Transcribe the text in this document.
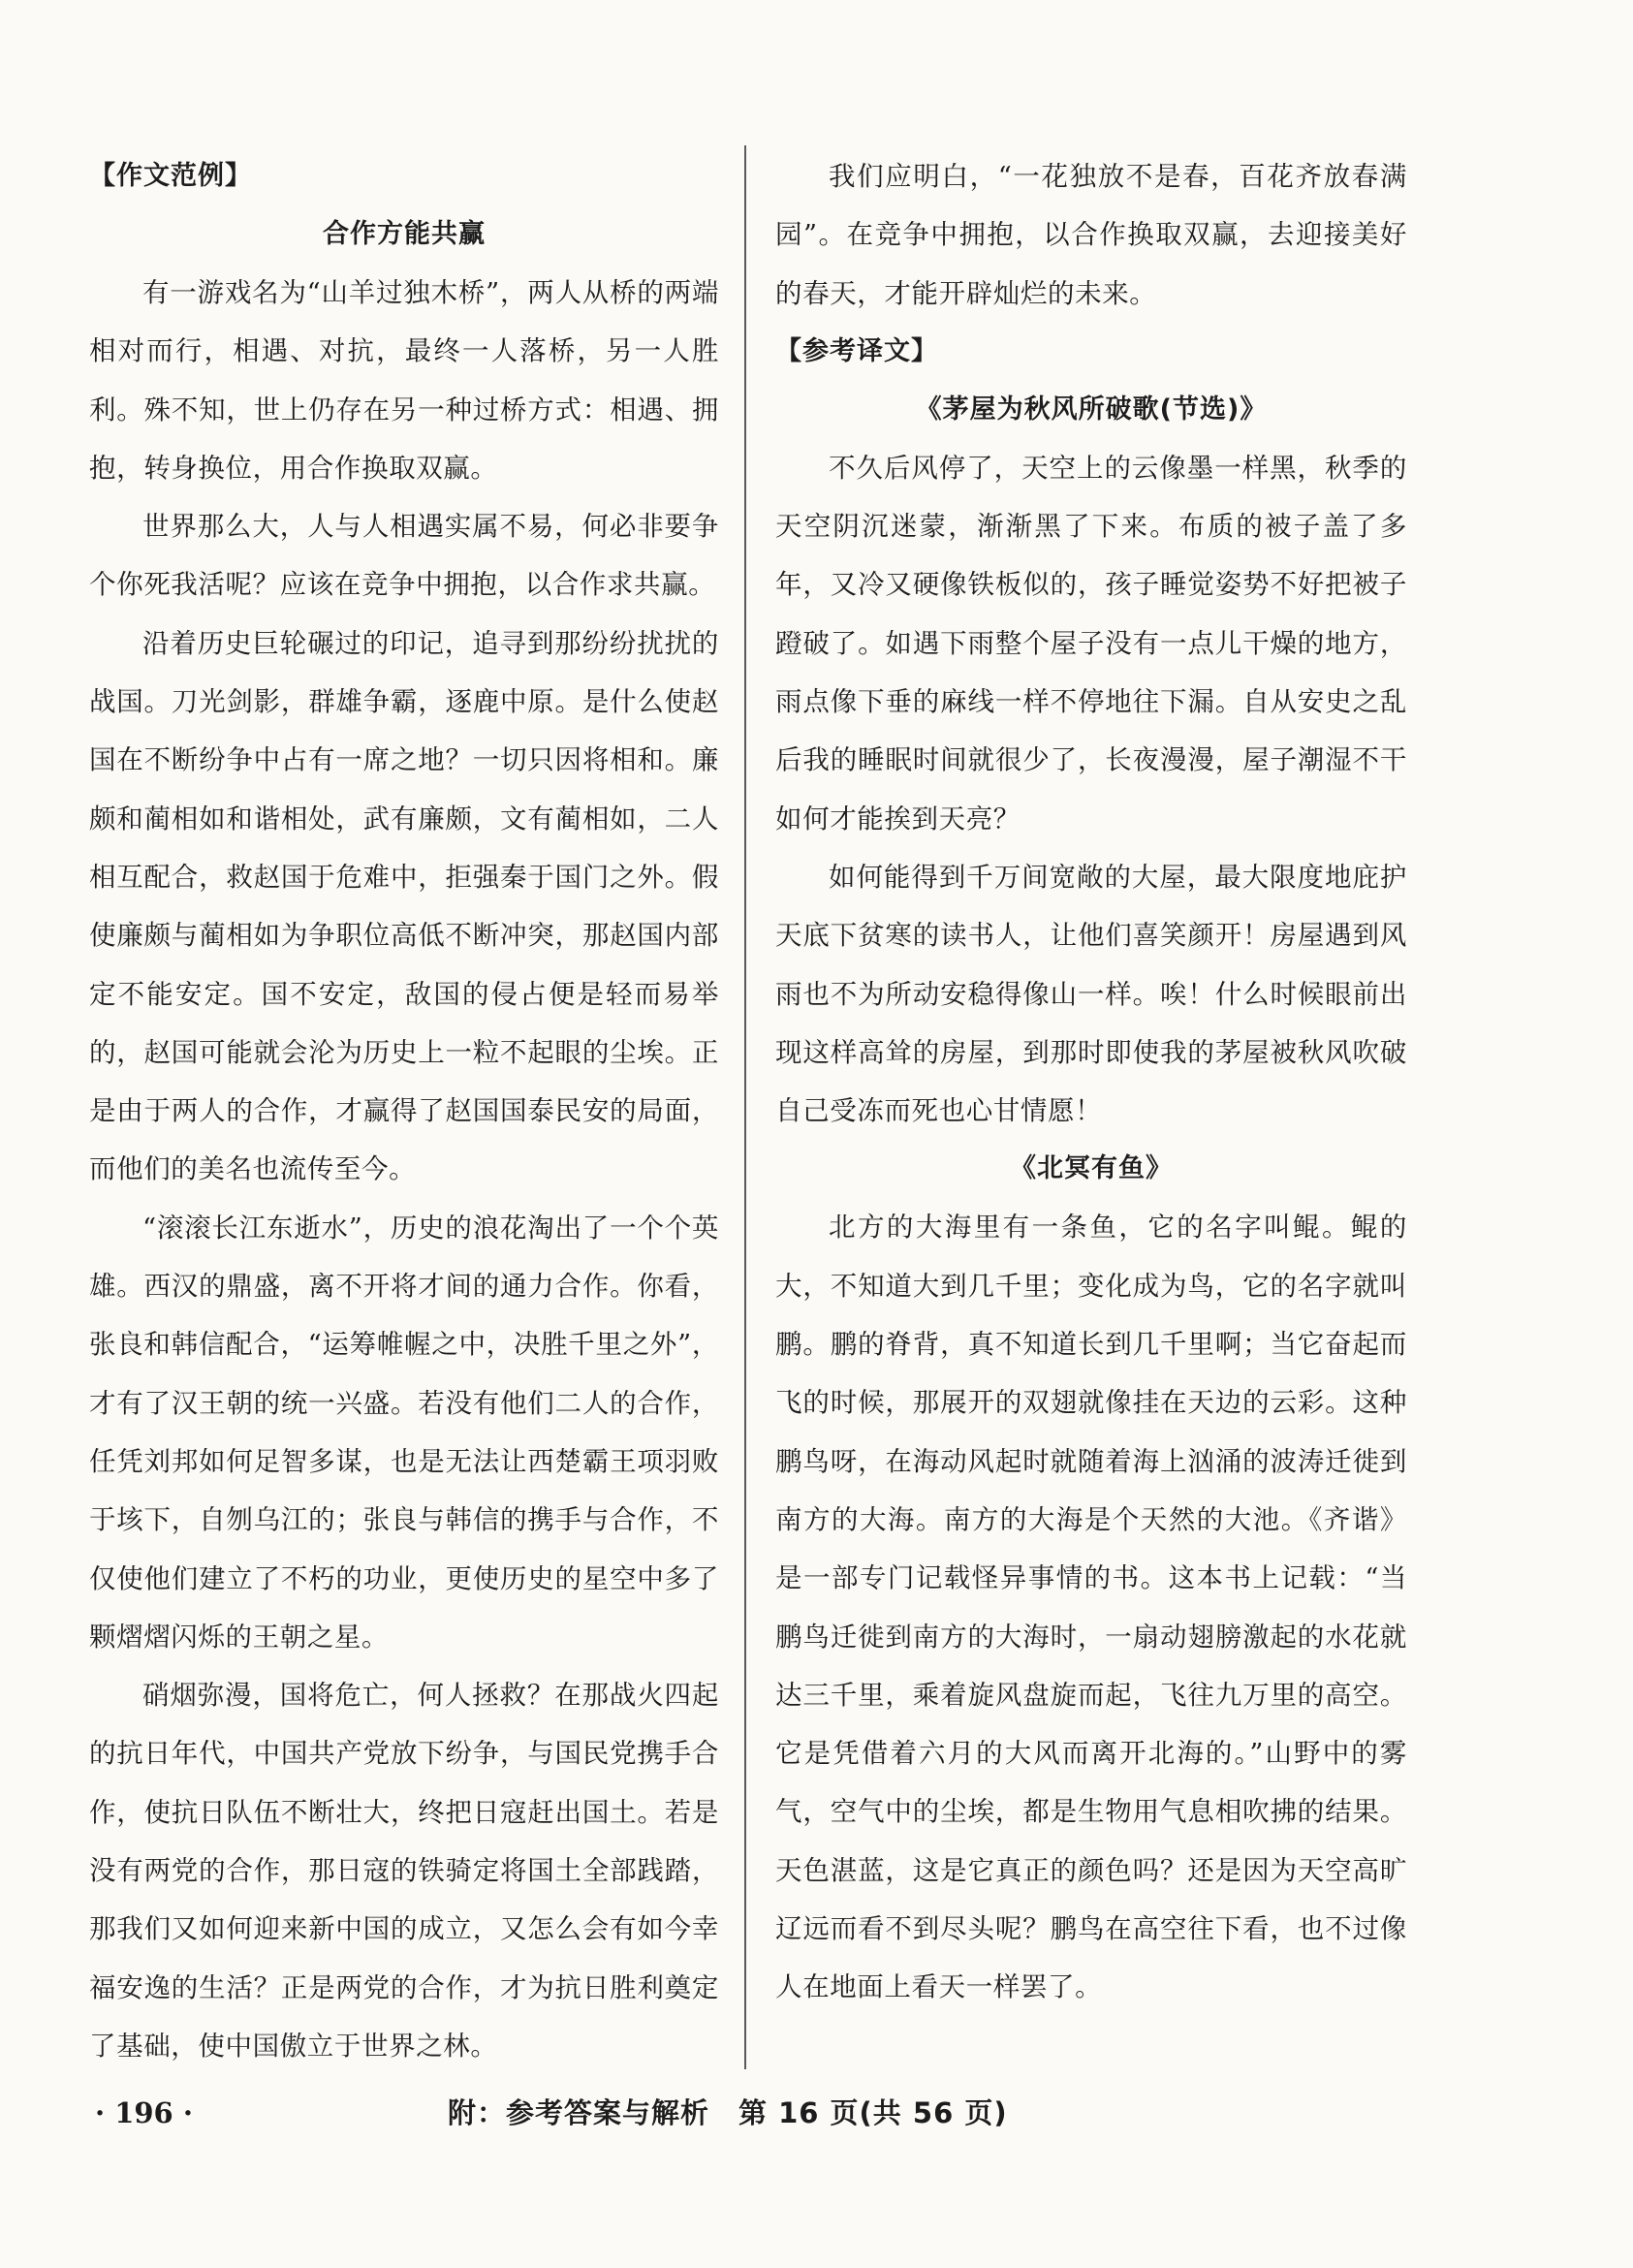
【作文范例】
合作方能共赢

有一游戏名为“山羊过独木桥”，两人从桥的两端相对而行，相遇、对抗，最终一人落桥，另一人胜利。殊不知，世上仍存在另一种过桥方式：相遇、拥抱，转身换位，用合作换取双赢。

世界那么大，人与人相遇实属不易，何必非要争个你死我活呢？应该在竞争中拥抱，以合作求共赢。

沿着历史巨轮碾过的印记，追寻到那纷纷扰扰的战国。刀光剑影，群雄争霸，逐鹿中原。是什么使赵国在不断纷争中占有一席之地？一切只因将相和。廉颇和蔺相如和谐相处，武有廉颇，文有蔺相如，二人相互配合，救赵国于危难中，拒强秦于国门之外。假使廉颇与蔺相如为争职位高低不断冲突，那赵国内部定不能安定。国不安定，敌国的侵占便是轻而易举的，赵国可能就会沦为历史上一粒不起眼的尘埃。正是由于两人的合作，才赢得了赵国国泰民安的局面，而他们的美名也流传至今。

“滚滚长江东逝水”，历史的浪花淘出了一个个英雄。西汉的鼎盛，离不开将才间的通力合作。你看，张良和韩信配合，“运筹帷幄之中，决胜千里之外”，才有了汉王朝的统一兴盛。若没有他们二人的合作，任凭刘邦如何足智多谋，也是无法让西楚霸王项羽败于垓下，自刎乌江的；张良与韩信的携手与合作，不仅使他们建立了不朽的功业，更使历史的星空中多了颗熠熠闪烁的王朝之星。

硝烟弥漫，国将危亡，何人拯救？在那战火四起的抗日年代，中国共产党放下纷争，与国民党携手合作，使抗日队伍不断壮大，终把日寇赶出国土。若是没有两党的合作，那日寇的铁骑定将国土全部践踏，那我们又如何迎来新中国的成立，又怎么会有如今幸福安逸的生活？正是两党的合作，才为抗日胜利奠定了基础，使中国傲立于世界之林。

我们应明白，“一花独放不是春，百花齐放春满园”。在竞争中拥抱，以合作换取双赢，去迎接美好的春天，才能开辟灿烂的未来。

【参考译文】
《茅屋为秋风所破歌(节选)》

不久后风停了，天空上的云像墨一样黑，秋季的天空阴沉迷蒙，渐渐黑了下来。布质的被子盖了多年，又冷又硬像铁板似的，孩子睡觉姿势不好把被子蹬破了。如遇下雨整个屋子没有一点儿干燥的地方，雨点像下垂的麻线一样不停地往下漏。自从安史之乱后我的睡眠时间就很少了，长夜漫漫，屋子潮湿不干如何才能挨到天亮？

如何能得到千万间宽敞的大屋，最大限度地庇护天底下贫寒的读书人，让他们喜笑颜开！房屋遇到风雨也不为所动安稳得像山一样。唉！什么时候眼前出现这样高耸的房屋，到那时即使我的茅屋被秋风吹破自己受冻而死也心甘情愿！

《北冥有鱼》

北方的大海里有一条鱼，它的名字叫鲲。鲲的大，不知道大到几千里；变化成为鸟，它的名字就叫鹏。鹏的脊背，真不知道长到几千里啊；当它奋起而飞的时候，那展开的双翅就像挂在天边的云彩。这种鹏鸟呀，在海动风起时就随着海上汹涌的波涛迁徙到南方的大海。南方的大海是个天然的大池。《齐谐》是一部专门记载怪异事情的书。这本书上记载：“当鹏鸟迁徙到南方的大海时，一扇动翅膀激起的水花就达三千里，乘着旋风盘旋而起，飞往九万里的高空。它是凭借着六月的大风而离开北海的。”山野中的雾气，空气中的尘埃，都是生物用气息相吹拂的结果。天色湛蓝，这是它真正的颜色吗？还是因为天空高旷辽远而看不到尽头呢？鹏鸟在高空往下看，也不过像人在地面上看天一样罢了。

· 196 ·	附：参考答案与解析　第 16 页(共 56 页)
